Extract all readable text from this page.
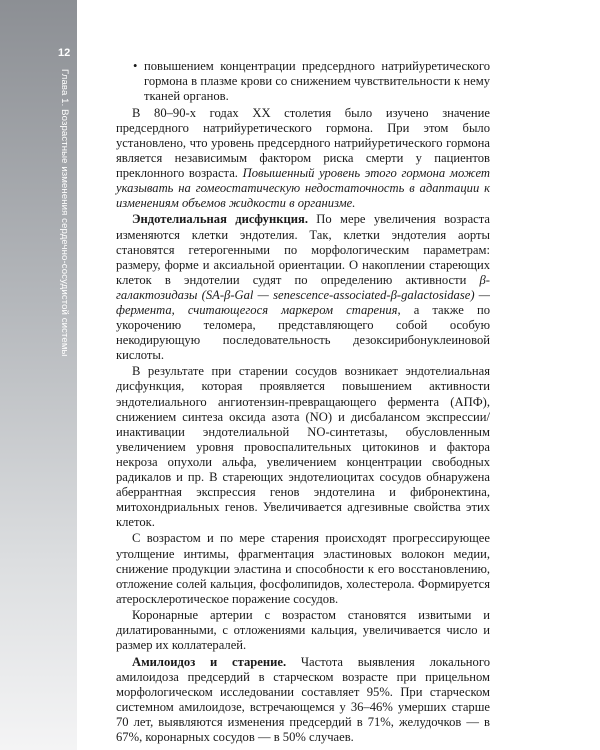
12
Глава 1. Возрастные изменения сердечно-сосудистой системы

• повышением концентрации предсердного натрийуретического гормона в плазме крови со снижением чувствительности к нему тканей органов.

В 80–90-х годах XX столетия было изучено значение предсердного натрийуретического гормона. При этом было установлено, что уровень предсердного натрийуретического гормона является независимым фактором риска смерти у пациентов преклонного возраста. Повышенный уровень этого гормона может указывать на гомеостатическую недостаточность в адаптации к изменениям объемов жидкости в организме.

Эндотелиальная дисфункция. По мере увеличения возраста изменяются клетки эндотелия. Так, клетки эндотелия аорты становятся гетерогенными по морфологическим параметрам: размеру, форме и аксиальной ориентации. О накоплении стареющих клеток в эндотелии судят по определению активности β-галактозидазы (SA-β-Gal — senescence-associated-β-galactosidase) — фермента, считающегося маркером старения, а также по укорочению теломера, представляющего собой особую некодирующую последовательность дезоксирибонуклеиновой кислоты.

В результате при старении сосудов возникает эндотелиальная дисфункция, которая проявляется повышением активности эндотелиального ангиотензин-превращающего фермента (АПФ), снижением синтеза оксида азота (NO) и дисбалансом экспрессии/инактивации эндотелиальной NO-синтетазы, обусловленным увеличением уровня провоспалительных цитокинов и фактора некроза опухоли альфа, увеличением концентрации свободных радикалов и пр. В стареющих эндотелиоцитах сосудов обнаружена аберрантная экспрессия генов эндотелина и фибронектина, митохондриальных генов. Увеличивается адгезивные свойства этих клеток.

С возрастом и по мере старения происходят прогрессирующее утолщение интимы, фрагментация эластиновых волокон медии, снижение продукции эластина и способности к его восстановлению, отложение солей кальция, фосфолипидов, холестерола. Формируется атеросклеротическое поражение сосудов.

Коронарные артерии с возрастом становятся извитыми и дилатированными, с отложениями кальция, увеличивается число и размер их коллатералей.

Амилоидоз и старение. Частота выявления локального амилоидоза предсердий в старческом возрасте при прицельном морфологическом исследовании составляет 95%. При старческом системном амилоидозе, встречающемся у 36–46% умерших старше 70 лет, выявляются изменения предсердий в 71%, желудочков — в 67%, коронарных сосудов — в 50% случаев.
